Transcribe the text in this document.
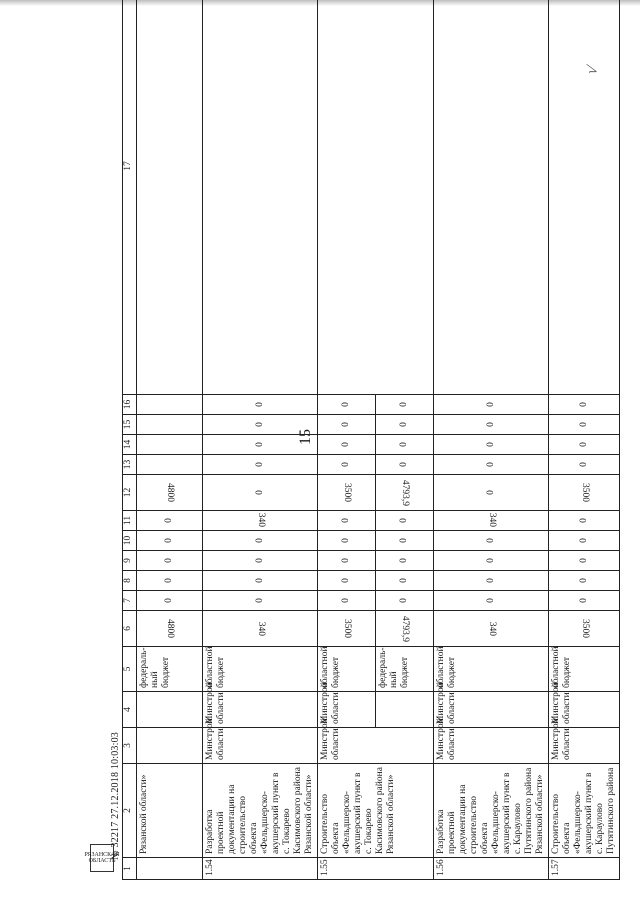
15
√
1	2	3	4	5	6	7	8	9	10	11	12	13	14	15	16	17
	Рязанской области»			федераль-ный бюджет	4800	0	0	0	0	0	4800					
1.54	Разработка проектной документации на строительство объекта «Фельдшерско-акушерский пункт в с. Токарево Касимовского района Рязанской области»	Минстрой области	Минстрой области	областной бюджет	340	0	0	0	0	340	0	0	0	0	0	
1.55	Строительство объекта «Фельдшерско-акушерский пункт в с. Токарево Касимовского района Рязанской области»	Минстрой области	Минстрой области	областной бюджет	3500	0	0	0	0	0	3500	0	0	0	0	
				федераль-ный бюджет	4793,9	0	0	0	0	0	4793,9	0	0	0	0	
1.56	Разработка проектной документации на строительство объекта «Фельдшерско-акушерский пункт в с. Караулово Путятинского района Рязанской области»	Минстрой области	Минстрой области	областной бюджет	340	0	0	0	0	340	0	0	0	0	0	
1.57	Строительство объекта «Фельдшерско-акушерский пункт в с. Караулово Путятинского района	Минстрой области	Минстрой области	областной бюджет	3500	0	0	0	0	0	3500	0	0	0	0	
РЯЗАНСКАЯ ОБЛАСТЬ
№ 32217 27.12.2018 10:03:03
